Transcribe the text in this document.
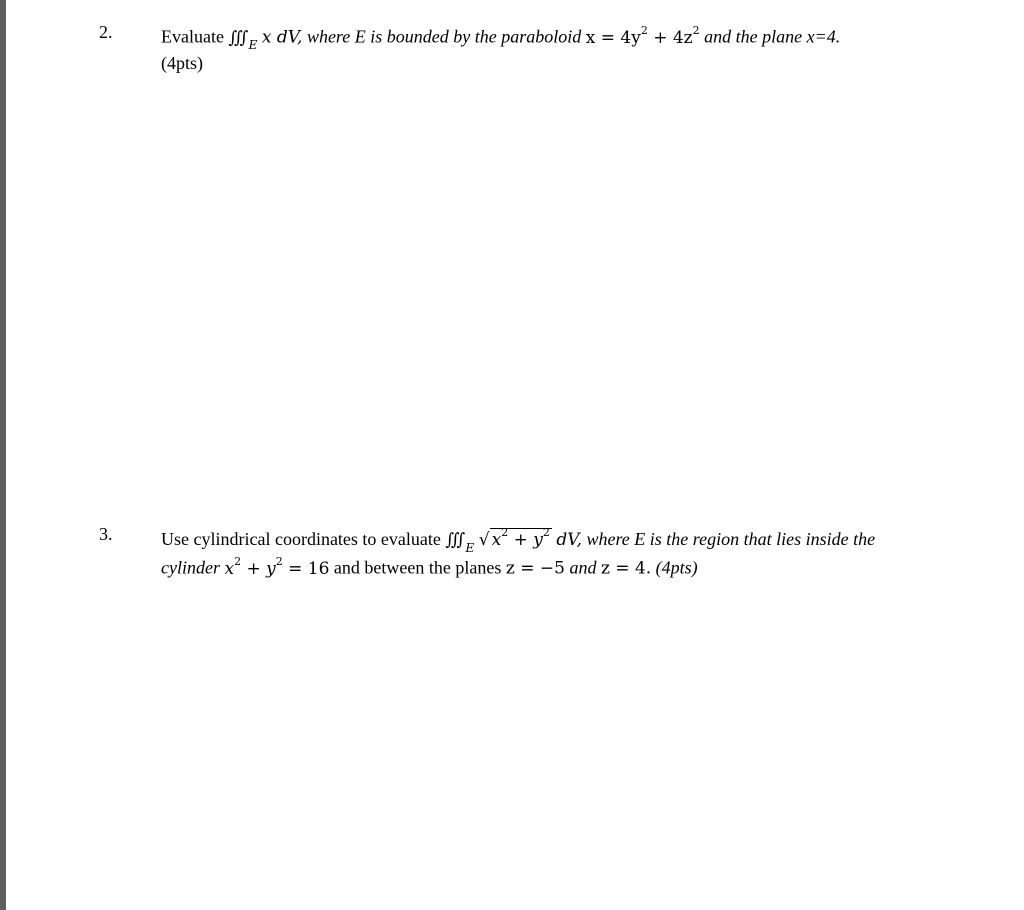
2.	Evaluate ∭ $_E$ x dV, where E is bounded by the paraboloid $x = 4y^2 + 4z^2$ and the plane x=4.
(4pts)
3.	Use cylindrical coordinates to evaluate ∭ $_E$ √ $x^2 + y^2$ dV, where E is the region that lies inside the
cylinder $x^2 + y^2 = 16$ and between the planes z = −5 and z = 4. (4pts)
